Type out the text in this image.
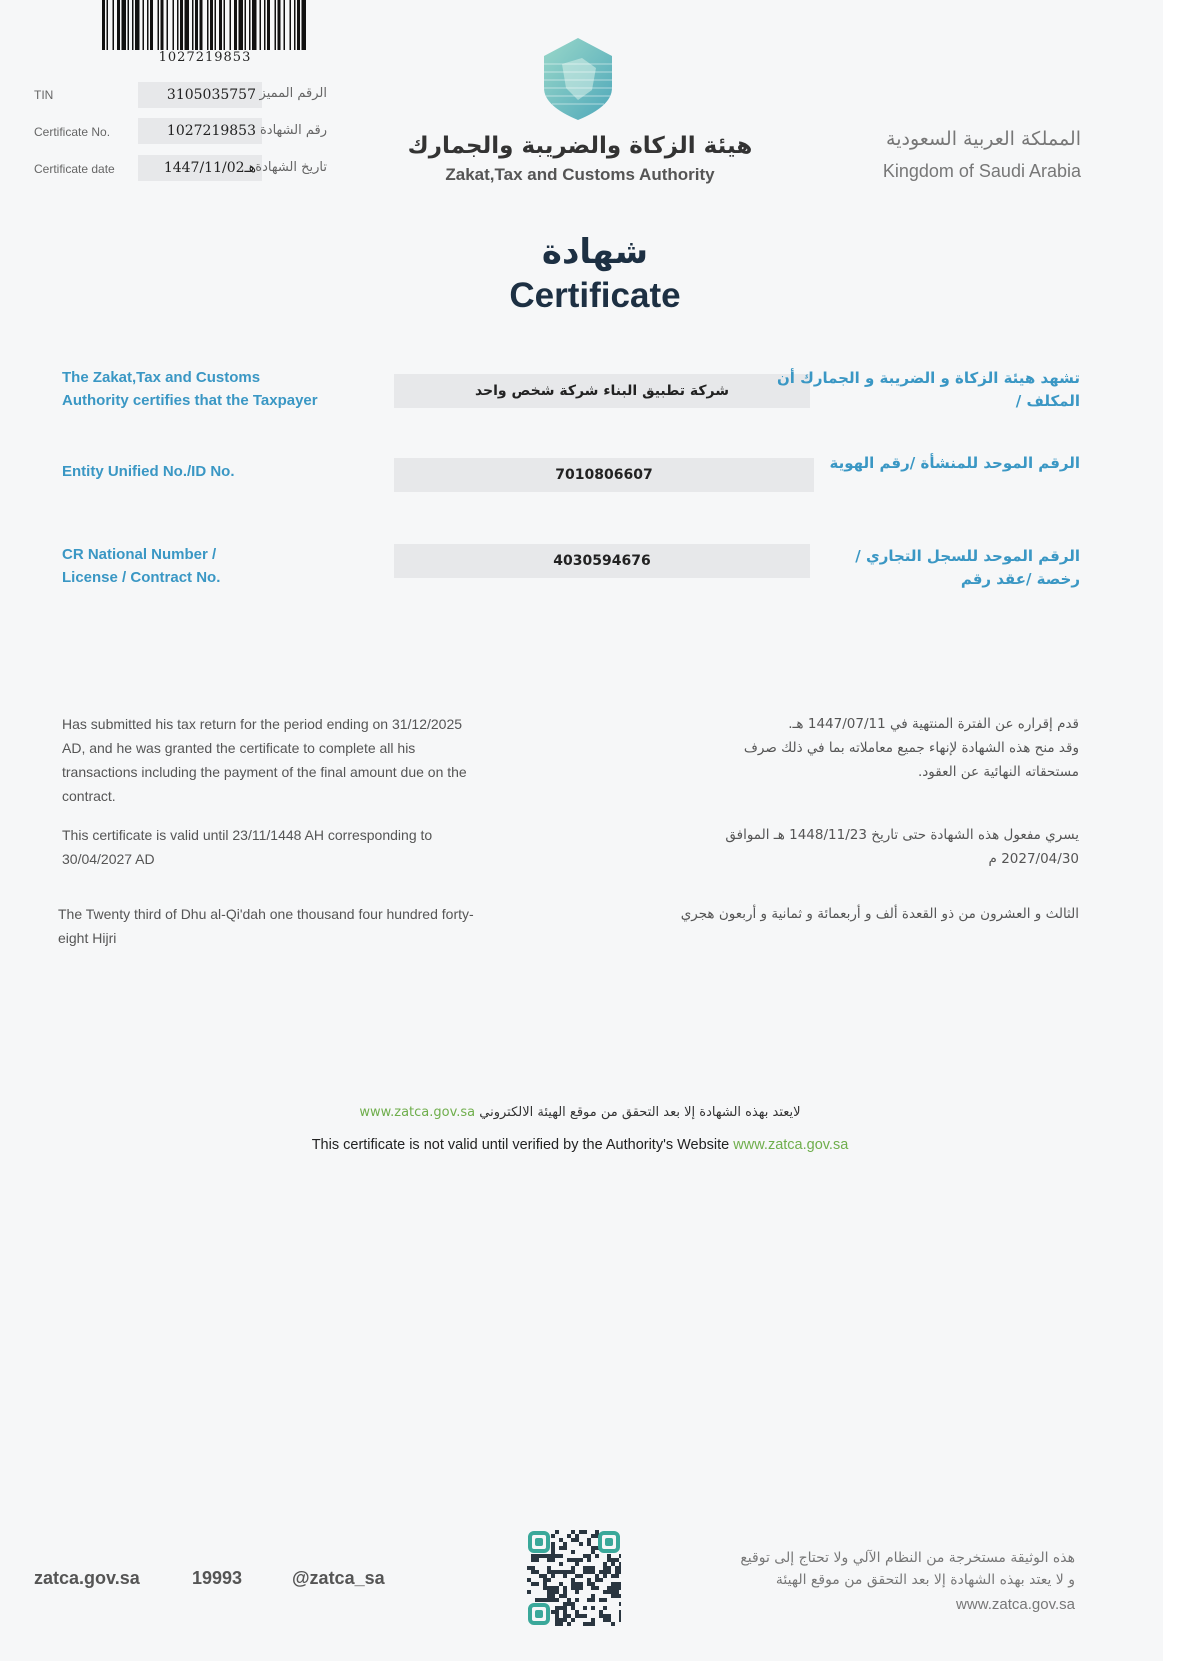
1027219853
TIN	3105035757 الرقم المميز
Certificate No.	1027219853 رقم الشهادة
Certificate date	1447/11/02هـ تاريخ الشهادة
هيئة الزكاة والضريبة والجمارك
Zakat,Tax and Customs Authority
المملكة العربية السعودية
Kingdom of Saudi Arabia
شهادة
Certificate
The Zakat,Tax and Customs
Authority certifies that the Taxpayer
شركة تطبيق البناء شركة شخص واحد
تشهد هيئة الزكاة و الضريبة و الجمارك أن
المكلف /
Entity Unified No./ID No.	7010806607
الرقم الموحد للمنشأة /رقم الهوية
CR National Number /
License / Contract No.
4030594676	الرقم الموحد للسجل التجاري /
رخصة /عقد رقم
Has submitted his tax return for the period ending on 31/12/2025
AD, and he was granted the certificate to complete all his
transactions including the payment of the final amount due on the
contract.
قدم إقراره عن الفترة المنتهية في 1447/07/11 هـ.
وقد منح هذه الشهادة لإنهاء جميع معاملاته بما في ذلك صرف
مستحقاته النهائية عن العقود.
This certificate is valid until 23/11/1448 AH corresponding to
30/04/2027 AD
يسري مفعول هذه الشهادة حتى تاريخ 1448/11/23 هـ الموافق
2027/04/30 م
The Twenty third of Dhu al-Qi'dah one thousand four hundred forty-
eight Hijri
الثالث و العشرون من ذو القعدة ألف و أربعمائة و ثمانية و أربعون هجري
لايعتد بهذه الشهادة إلا بعد التحقق من موقع الهيئة الالكتروني www.zatca.gov.sa
This certificate is not valid until verified by the Authority's Website www.zatca.gov.sa
zatca.gov.sa	19993	@zatca_sa
هذه الوثيقة مستخرجة من النظام الآلي ولا تحتاج إلى توقيع
و لا يعتد بهذه الشهادة إلا بعد التحقق من موقع الهيئة
www.zatca.gov.sa
